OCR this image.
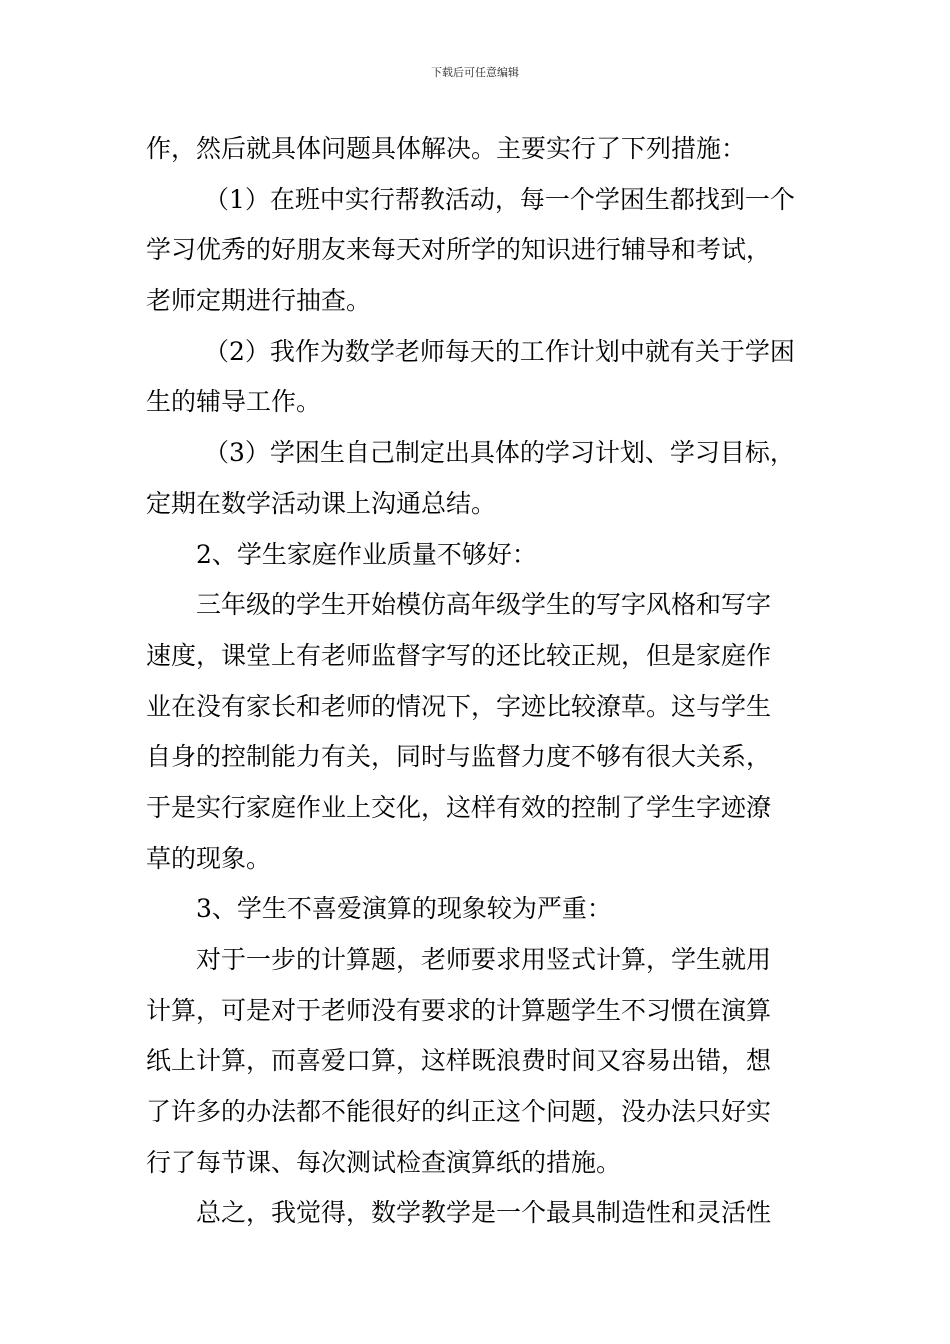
下载后可任意编辑
作，然后就具体问题具体解决。主要实行了下列措施：
（1）在班中实行帮教活动，每一个学困生都找到一个
学习优秀的好朋友来每天对所学的知识进行辅导和考试，
老师定期进行抽查。
（2）我作为数学老师每天的工作计划中就有关于学困
生的辅导工作。
（3）学困生自己制定出具体的学习计划、学习目标，
定期在数学活动课上沟通总结。
2、学生家庭作业质量不够好：
三年级的学生开始模仿高年级学生的写字风格和写字
速度，课堂上有老师监督字写的还比较正规，但是家庭作
业在没有家长和老师的情况下，字迹比较潦草。这与学生
自身的控制能力有关，同时与监督力度不够有很大关系，
于是实行家庭作业上交化，这样有效的控制了学生字迹潦
草的现象。
3、学生不喜爱演算的现象较为严重：
对于一步的计算题，老师要求用竖式计算，学生就用
计算，可是对于老师没有要求的计算题学生不习惯在演算
纸上计算，而喜爱口算，这样既浪费时间又容易出错，想
了许多的办法都不能很好的纠正这个问题，没办法只好实
行了每节课、每次测试检查演算纸的措施。
总之，我觉得，数学教学是一个最具制造性和灵活性
